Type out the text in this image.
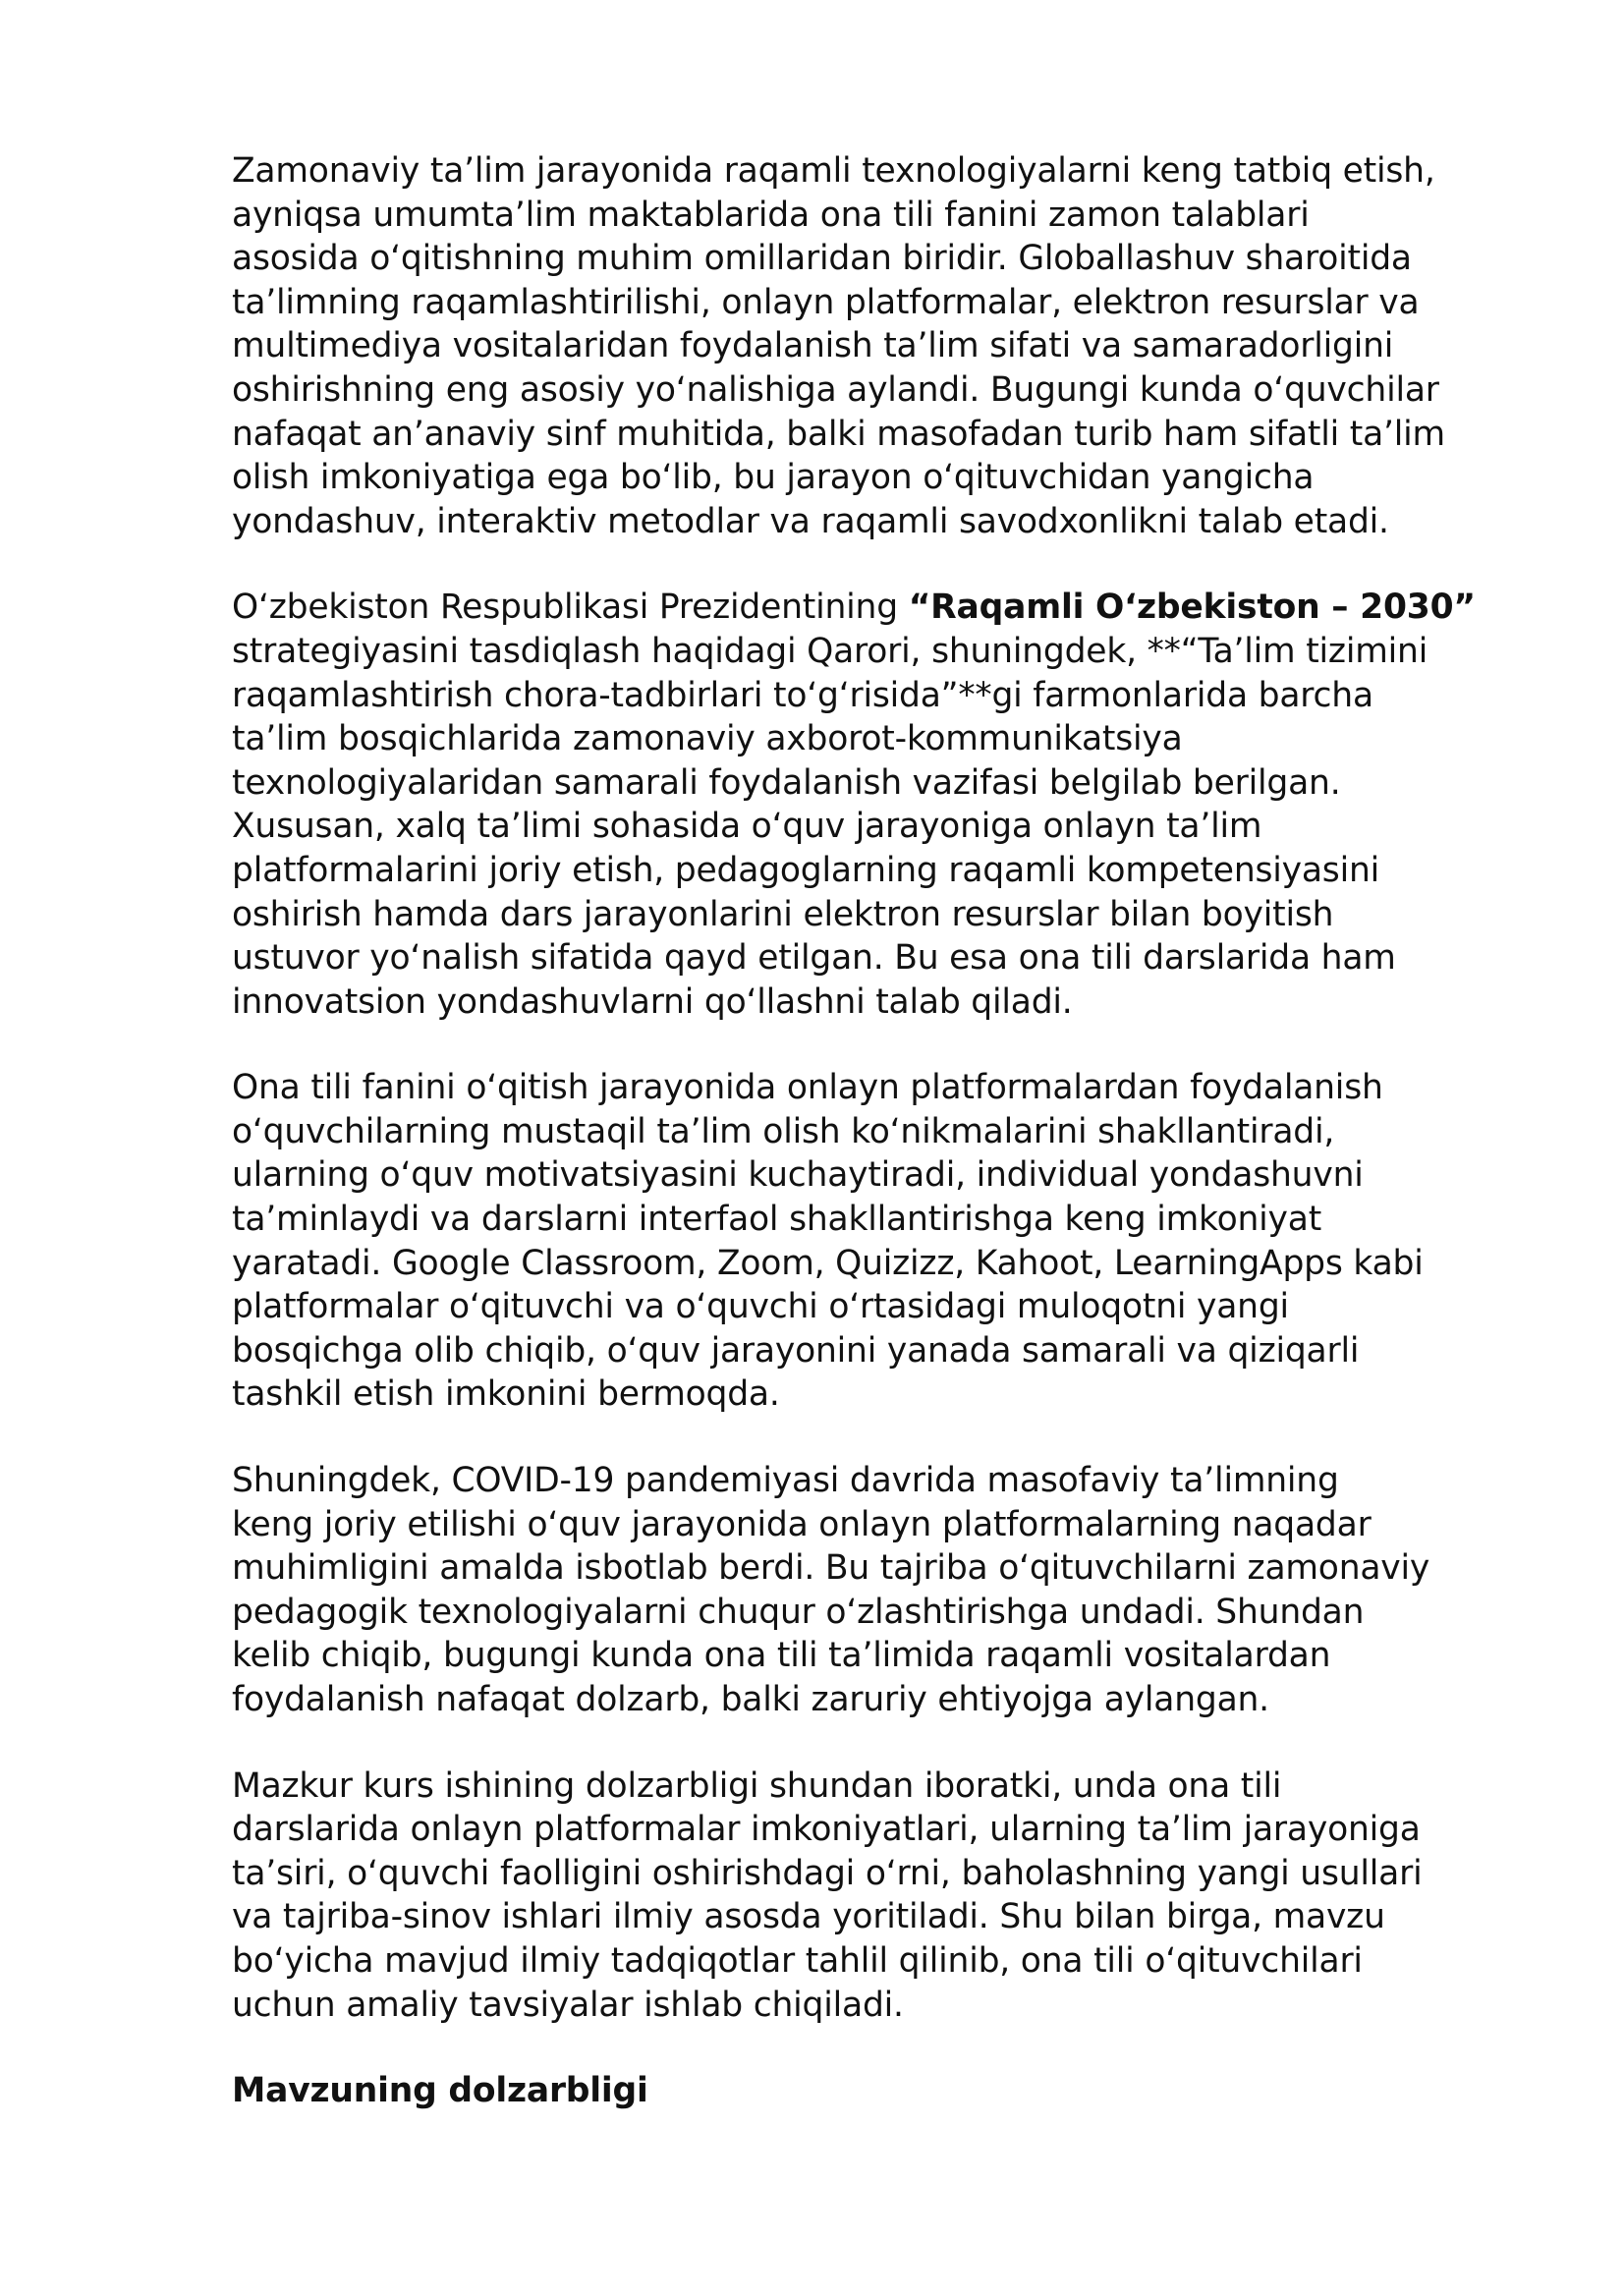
Zamonaviy ta’lim jarayonida raqamli texnologiyalarni keng tatbiq etish,
ayniqsa umumta’lim maktablarida ona tili fanini zamon talablari
asosida o‘qitishning muhim omillaridan biridir. Globallashuv sharoitida
ta’limning raqamlashtirilishi, onlayn platformalar, elektron resurslar va
multimediya vositalaridan foydalanish ta’lim sifati va samaradorligini
oshirishning eng asosiy yo‘nalishiga aylandi. Bugungi kunda o‘quvchilar
nafaqat an’anaviy sinf muhitida, balki masofadan turib ham sifatli ta’lim
olish imkoniyatiga ega bo‘lib, bu jarayon o‘qituvchidan yangicha
yondashuv, interaktiv metodlar va raqamli savodxonlikni talab etadi.

O‘zbekiston Respublikasi Prezidentining “Raqamli O‘zbekiston – 2030”
strategiyasini tasdiqlash haqidagi Qarori, shuningdek, **“Ta’lim tizimini
raqamlashtirish chora-tadbirlari to‘g‘risida”**gi farmonlarida barcha
ta’lim bosqichlarida zamonaviy axborot-kommunikatsiya
texnologiyalaridan samarali foydalanish vazifasi belgilab berilgan.
Xususan, xalq ta’limi sohasida o‘quv jarayoniga onlayn ta’lim
platformalarini joriy etish, pedagoglarning raqamli kompetensiyasini
oshirish hamda dars jarayonlarini elektron resurslar bilan boyitish
ustuvor yo‘nalish sifatida qayd etilgan. Bu esa ona tili darslarida ham
innovatsion yondashuvlarni qo‘llashni talab qiladi.

Ona tili fanini o‘qitish jarayonida onlayn platformalardan foydalanish
o‘quvchilarning mustaqil ta’lim olish ko‘nikmalarini shakllantiradi,
ularning o‘quv motivatsiyasini kuchaytiradi, individual yondashuvni
ta’minlaydi va darslarni interfaol shakllantirishga keng imkoniyat
yaratadi. Google Classroom, Zoom, Quizizz, Kahoot, LearningApps kabi
platformalar o‘qituvchi va o‘quvchi o‘rtasidagi muloqotni yangi
bosqichga olib chiqib, o‘quv jarayonini yanada samarali va qiziqarli
tashkil etish imkonini bermoqda.

Shuningdek, COVID-19 pandemiyasi davrida masofaviy ta’limning
keng joriy etilishi o‘quv jarayonida onlayn platformalarning naqadar
muhimligini amalda isbotlab berdi. Bu tajriba o‘qituvchilarni zamonaviy
pedagogik texnologiyalarni chuqur o‘zlashtirishga undadi. Shundan
kelib chiqib, bugungi kunda ona tili ta’limida raqamli vositalardan
foydalanish nafaqat dolzarb, balki zaruriy ehtiyojga aylangan.

Mazkur kurs ishining dolzarbligi shundan iboratki, unda ona tili
darslarida onlayn platformalar imkoniyatlari, ularning ta’lim jarayoniga
ta’siri, o‘quvchi faolligini oshirishdagi o‘rni, baholashning yangi usullari
va tajriba-sinov ishlari ilmiy asosda yoritiladi. Shu bilan birga, mavzu
bo‘yicha mavjud ilmiy tadqiqotlar tahlil qilinib, ona tili o‘qituvchilari
uchun amaliy tavsiyalar ishlab chiqiladi.

Mavzuning dolzarbligi
